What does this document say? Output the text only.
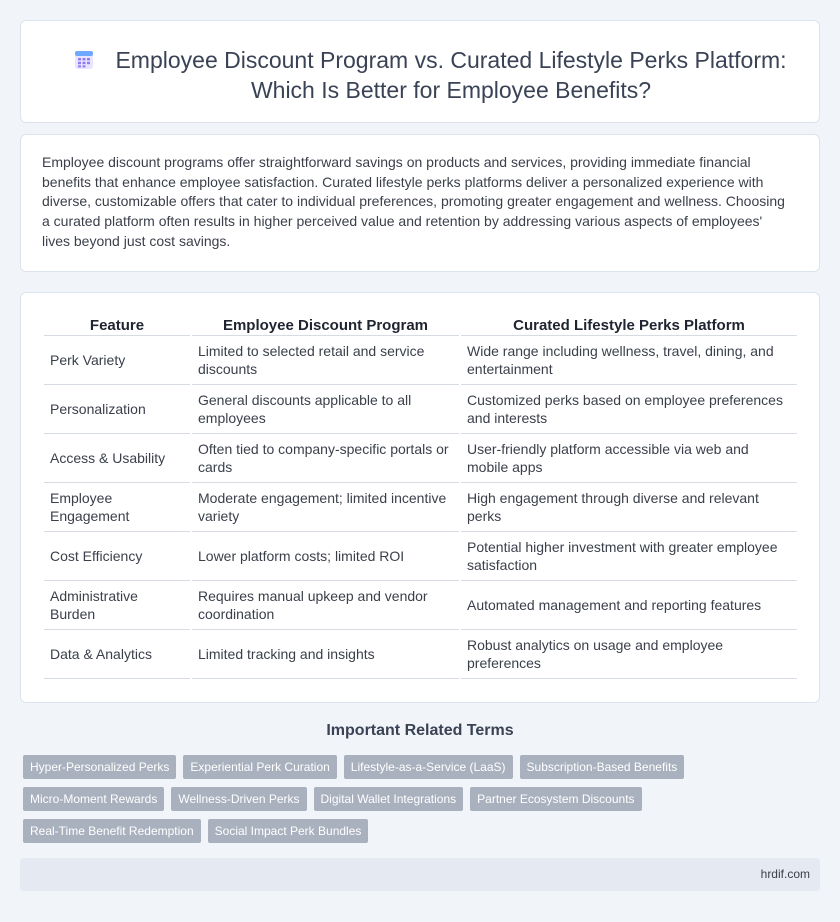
Employee Discount Program vs. Curated Lifestyle Perks Platform: Which Is Better for Employee Benefits?

Employee discount programs offer straightforward savings on products and services, providing immediate financial benefits that enhance employee satisfaction. Curated lifestyle perks platforms deliver a personalized experience with diverse, customizable offers that cater to individual preferences, promoting greater engagement and wellness. Choosing a curated platform often results in higher perceived value and retention by addressing various aspects of employees' lives beyond just cost savings.

Feature	Employee Discount Program	Curated Lifestyle Perks Platform
Perk Variety	Limited to selected retail and service discounts	Wide range including wellness, travel, dining, and entertainment
Personalization	General discounts applicable to all employees	Customized perks based on employee preferences and interests
Access & Usability	Often tied to company-specific portals or cards	User-friendly platform accessible via web and mobile apps
Employee Engagement	Moderate engagement; limited incentive variety	High engagement through diverse and relevant perks
Cost Efficiency	Lower platform costs; limited ROI	Potential higher investment with greater employee satisfaction
Administrative Burden	Requires manual upkeep and vendor coordination	Automated management and reporting features
Data & Analytics	Limited tracking and insights	Robust analytics on usage and employee preferences
Important Related Terms
Hyper-Personalized Perks	Experiential Perk Curation	Lifestyle-as-a-Service (LaaS)	Subscription-Based Benefits
Micro-Moment Rewards	Wellness-Driven Perks	Digital Wallet Integrations	Partner Ecosystem Discounts
Real-Time Benefit Redemption	Social Impact Perk Bundles
hrdif.com
